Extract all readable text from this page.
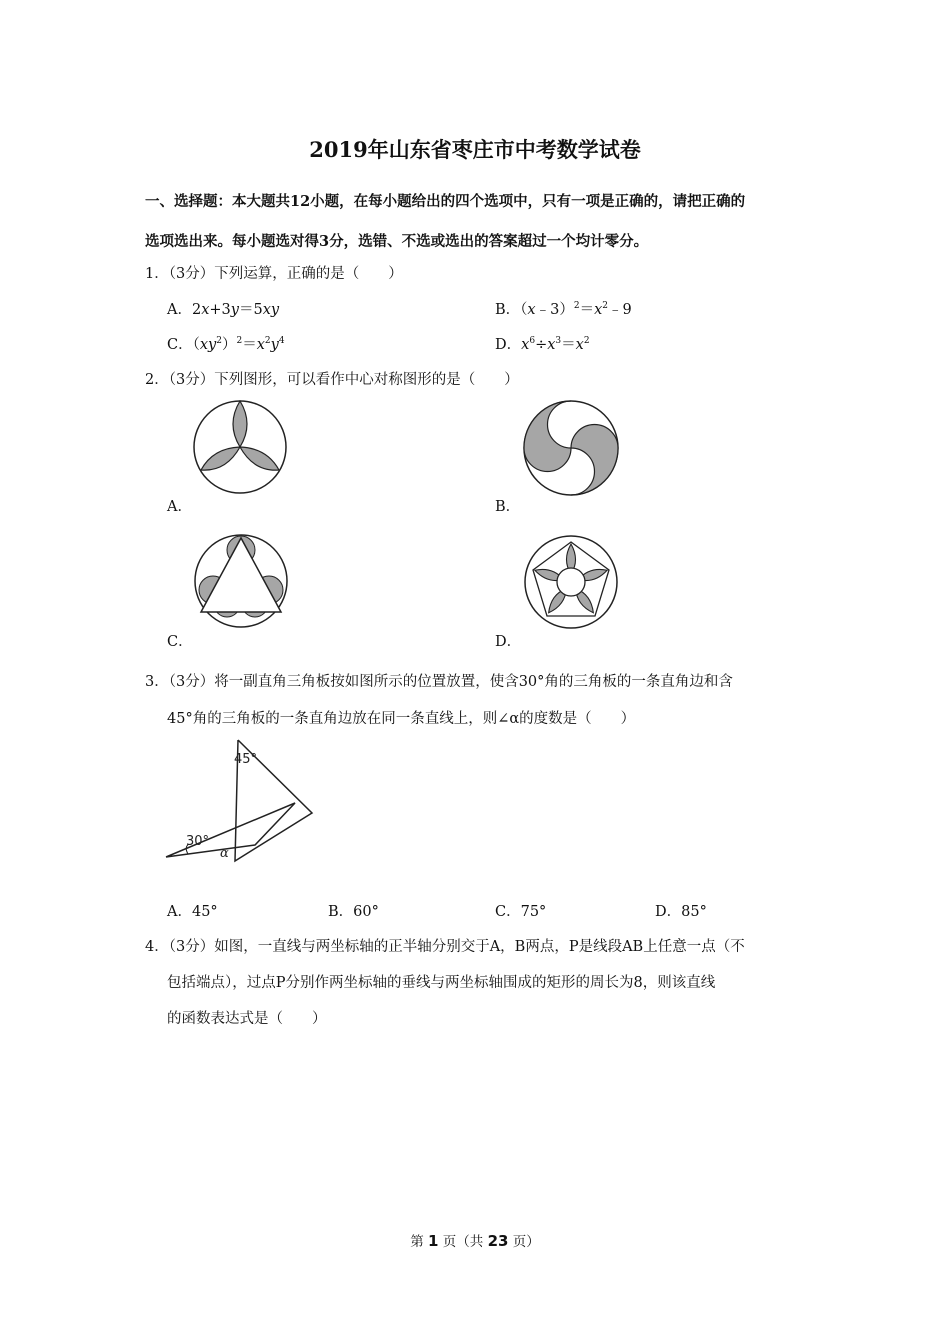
2019年山东省枣庄市中考数学试卷
一、选择题：本大题共12小题，在每小题给出的四个选项中，只有一项是正确的，请把正确的
选项选出来。每小题选对得3分，选错、不选或选出的答案超过一个均计零分。
1．（3分）下列运算，正确的是（　　）
A．2x+3y＝5xy	B．$(x﹣3)^2=x^2﹣9$
C．$(xy^2)^2=x^2y^4$	D．$x^6\div x^3=x^2$
2．（3分）下列图形，可以看作中心对称图形的是（　　）
A．	B．
C．	D．
3．（3分）将一副直角三角板按如图所示的位置放置，使含30°角的三角板的一条直角边和含
45°角的三角板的一条直角边放在同一条直线上，则∠α的度数是（　　）
45°
30°
α
A．45°	B．60°	C．75°	D．85°
4．（3分）如图，一直线与两坐标轴的正半轴分别交于A，B两点，P是线段AB上任意一点（不
包括端点），过点P分别作两坐标轴的垂线与两坐标轴围成的矩形的周长为8，则该直线
的函数表达式是（　　）
第 1 页（共 23 页）
